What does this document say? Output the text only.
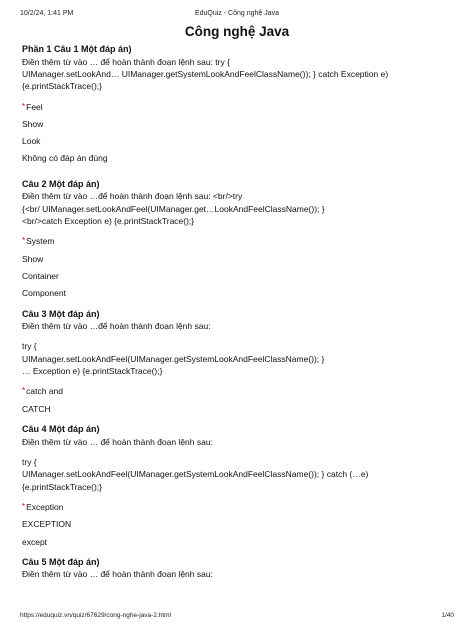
10/2/24, 1:41 PM	EduQuiz - Công nghệ Java
Công nghệ Java
Phần 1 Câu 1 Một đáp án)
Điền thêm từ vào … để hoàn thành đoạn lệnh sau: try {
UIManager.setLookAnd… UIManager.getSystemLookAndFeelClassName()); } catch Exception e)
{e.printStackTrace();}
*Feel
Show
Look
Không có đáp án đúng
Câu 2 Một đáp án)
Điền thêm từ vào …để hoàn thành đoạn lệnh sau: <br/>try
{<br/ UIManager.setLookAndFeel(UIManager.get…LookAndFeelClassName()); }
<br/>catch Exception e) {e.printStackTrace();}
*System
Show
Container
Component
Câu 3 Một đáp án)
Điền thêm từ vào …để hoàn thành đoạn lệnh sau:
try {
UIManager.setLookAndFeel(UIManager.getSystemLookAndFeelClassName()); }
… Exception e) {e.printStackTrace();}
*catch and
CATCH
Câu 4 Một đáp án)
Điền thêm từ vào … để hoàn thành đoạn lệnh sau:
try {
UIManager.setLookAndFeel(UIManager.getSystemLookAndFeelClassName()); } catch (…e)
{e.printStackTrace();}
*Exception
EXCEPTION
except
Câu 5 Một đáp án)
Điền thêm từ vào … để hoàn thành đoạn lệnh sau:
https://eduquiz.vn/quiz/67629/cong-nghe-java-2.html	1/40
